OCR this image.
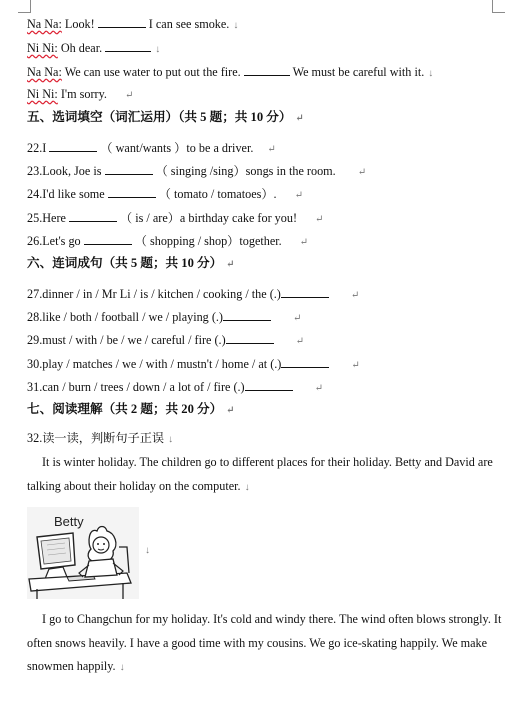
Na Na: Look!	I can see smoke. ↓
Ni Ni: Oh dear.	↓
Na Na: We can use water to put out the fire.	We must be careful with it. ↓
Ni Ni: I'm sorry. ↵
五、选词填空（词汇运用）（共 5 题；共 10 分） ↵
22.I	（ want/wants ）to be a driver. ↵
23.Look, Joe is	（ singing /sing）songs in the room. ↵
24.I'd like some	（ tomato / tomatoes）. ↵
25.Here	（ is / are）a birthday cake for you! ↵
26.Let's go	（ shopping / shop）together. ↵
六、连词成句（共 5 题；共 10 分） ↵
27.dinner / in / Mr Li / is / kitchen / cooking / the (.)	↵
28.like / both / football / we / playing (.)	↵
29.must / with / be / we / careful / fire (.)	↵
30.play / matches / we / with / mustn't / home / at (.)	↵
31.can / burn / trees / down / a lot of / fire (.)	↵
七、阅读理解（共 2 题；共 20 分） ↵
32.读一读，判断句子正误 ↓
It is winter holiday. The children go to different places for their holiday. Betty and David are
talking about their holiday on the computer. ↓
Betty
↓
I go to Changchun for my holiday. It's cold and windy there. The wind often blows strongly. It
often snows heavily. I have a good time with my cousins. We go ice-skating happily. We make
snowmen happily. ↓
